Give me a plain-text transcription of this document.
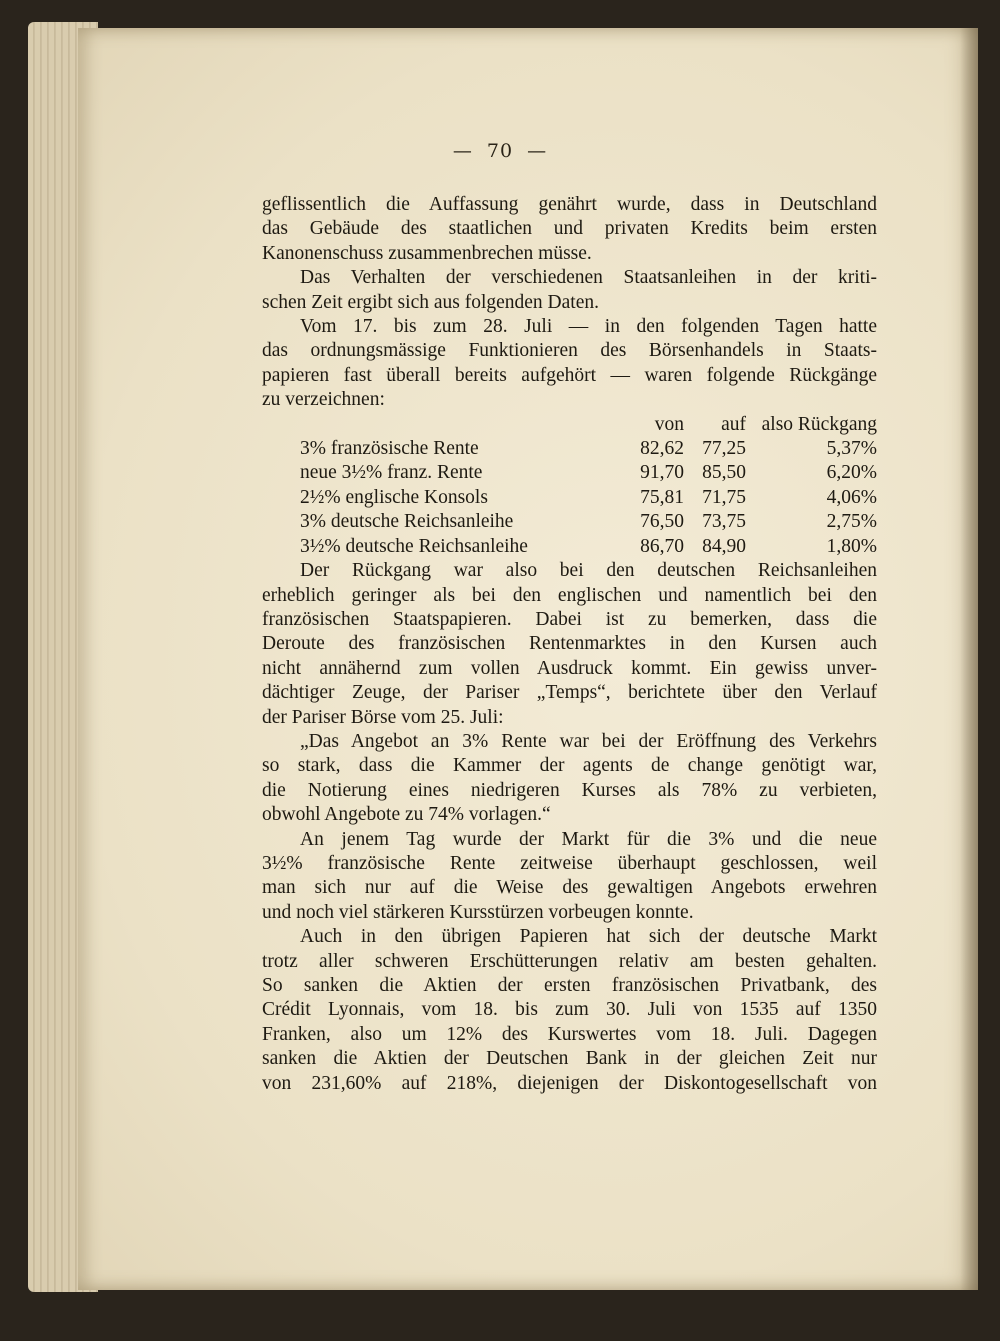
— 70 —
geflissentlich die Auffassung genährt wurde, dass in Deutschland
das Gebäude des staatlichen und privaten Kredits beim ersten
Kanonenschuss zusammenbrechen müsse.
Das Verhalten der verschiedenen Staatsanleihen in der kriti-
schen Zeit ergibt sich aus folgenden Daten.
Vom 17. bis zum 28. Juli — in den folgenden Tagen hatte
das ordnungsmässige Funktionieren des Börsenhandels in Staats-
papieren fast überall bereits aufgehört — waren folgende Rückgänge
zu verzeichnen:
	von	auf	also Rückgang
3% französische Rente	82,62	77,25	5,37%
neue 3½% franz. Rente	91,70	85,50	6,20%
2½% englische Konsols	75,81	71,75	4,06%
3% deutsche Reichsanleihe	76,50	73,75	2,75%
3½% deutsche Reichsanleihe	86,70	84,90	1,80%
Der Rückgang war also bei den deutschen Reichsanleihen
erheblich geringer als bei den englischen und namentlich bei den
französischen Staatspapieren. Dabei ist zu bemerken, dass die
Deroute des französischen Rentenmarktes in den Kursen auch
nicht annähernd zum vollen Ausdruck kommt. Ein gewiss unver-
dächtiger Zeuge, der Pariser „Temps“, berichtete über den Verlauf
der Pariser Börse vom 25. Juli:
„Das Angebot an 3% Rente war bei der Eröffnung des Verkehrs
so stark, dass die Kammer der agents de change genötigt war,
die Notierung eines niedrigeren Kurses als 78% zu verbieten,
obwohl Angebote zu 74% vorlagen.“
An jenem Tag wurde der Markt für die 3% und die neue
3½% französische Rente zeitweise überhaupt geschlossen, weil
man sich nur auf die Weise des gewaltigen Angebots erwehren
und noch viel stärkeren Kursstürzen vorbeugen konnte.
Auch in den übrigen Papieren hat sich der deutsche Markt
trotz aller schweren Erschütterungen relativ am besten gehalten.
So sanken die Aktien der ersten französischen Privatbank, des
Crédit Lyonnais, vom 18. bis zum 30. Juli von 1535 auf 1350
Franken, also um 12% des Kurswertes vom 18. Juli. Dagegen
sanken die Aktien der Deutschen Bank in der gleichen Zeit nur
von 231,60% auf 218%, diejenigen der Diskontogesellschaft von
